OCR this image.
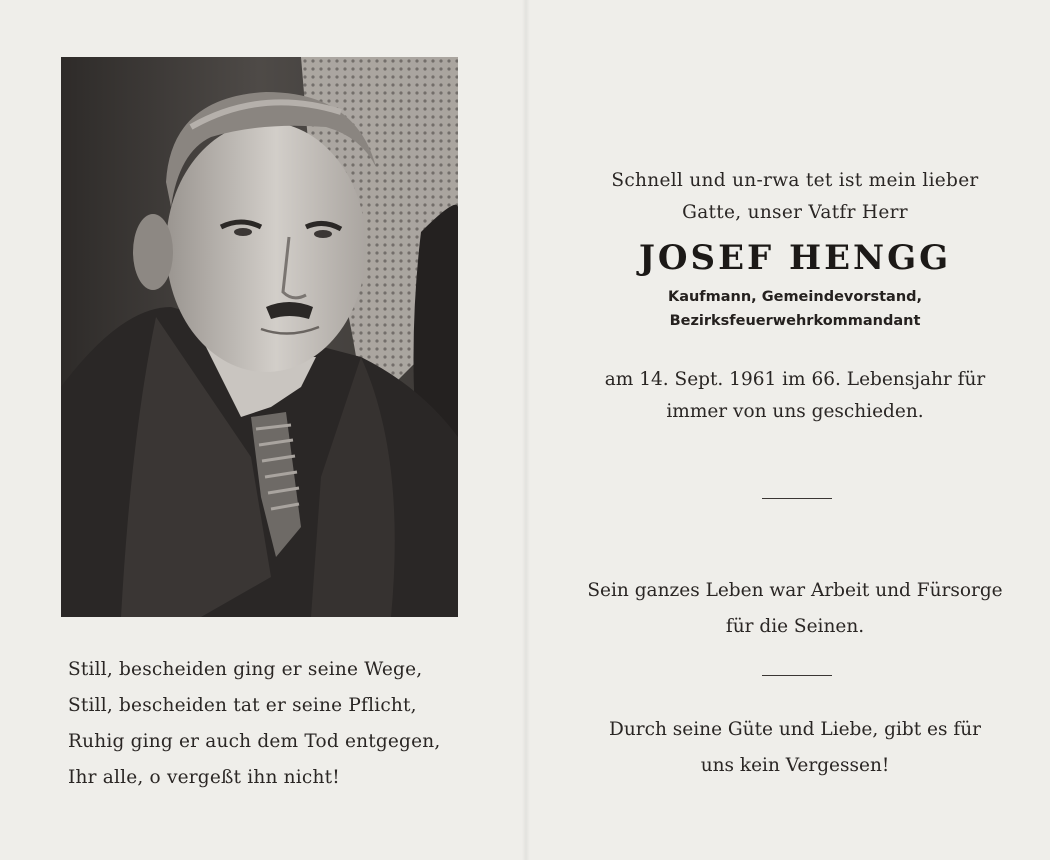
Still, bescheiden ging er seine Wege,
Still, bescheiden tat er seine Pflicht,
Ruhig ging er auch dem Tod entgegen,
Ihr alle, o vergeßt ihn nicht!
Schnell und un-rwa tet ist mein lieber
Gatte, unser Vatfr Herr
JOSEF HENGG
Kaufmann, Gemeindevorstand,
Bezirksfeuerwehrkommandant
am 14. Sept. 1961 im 66. Lebensjahr für
immer von uns geschieden.
Sein ganzes Leben war Arbeit und Fürsorge
für die Seinen.
Durch seine Güte und Liebe, gibt es für
uns kein Vergessen!
